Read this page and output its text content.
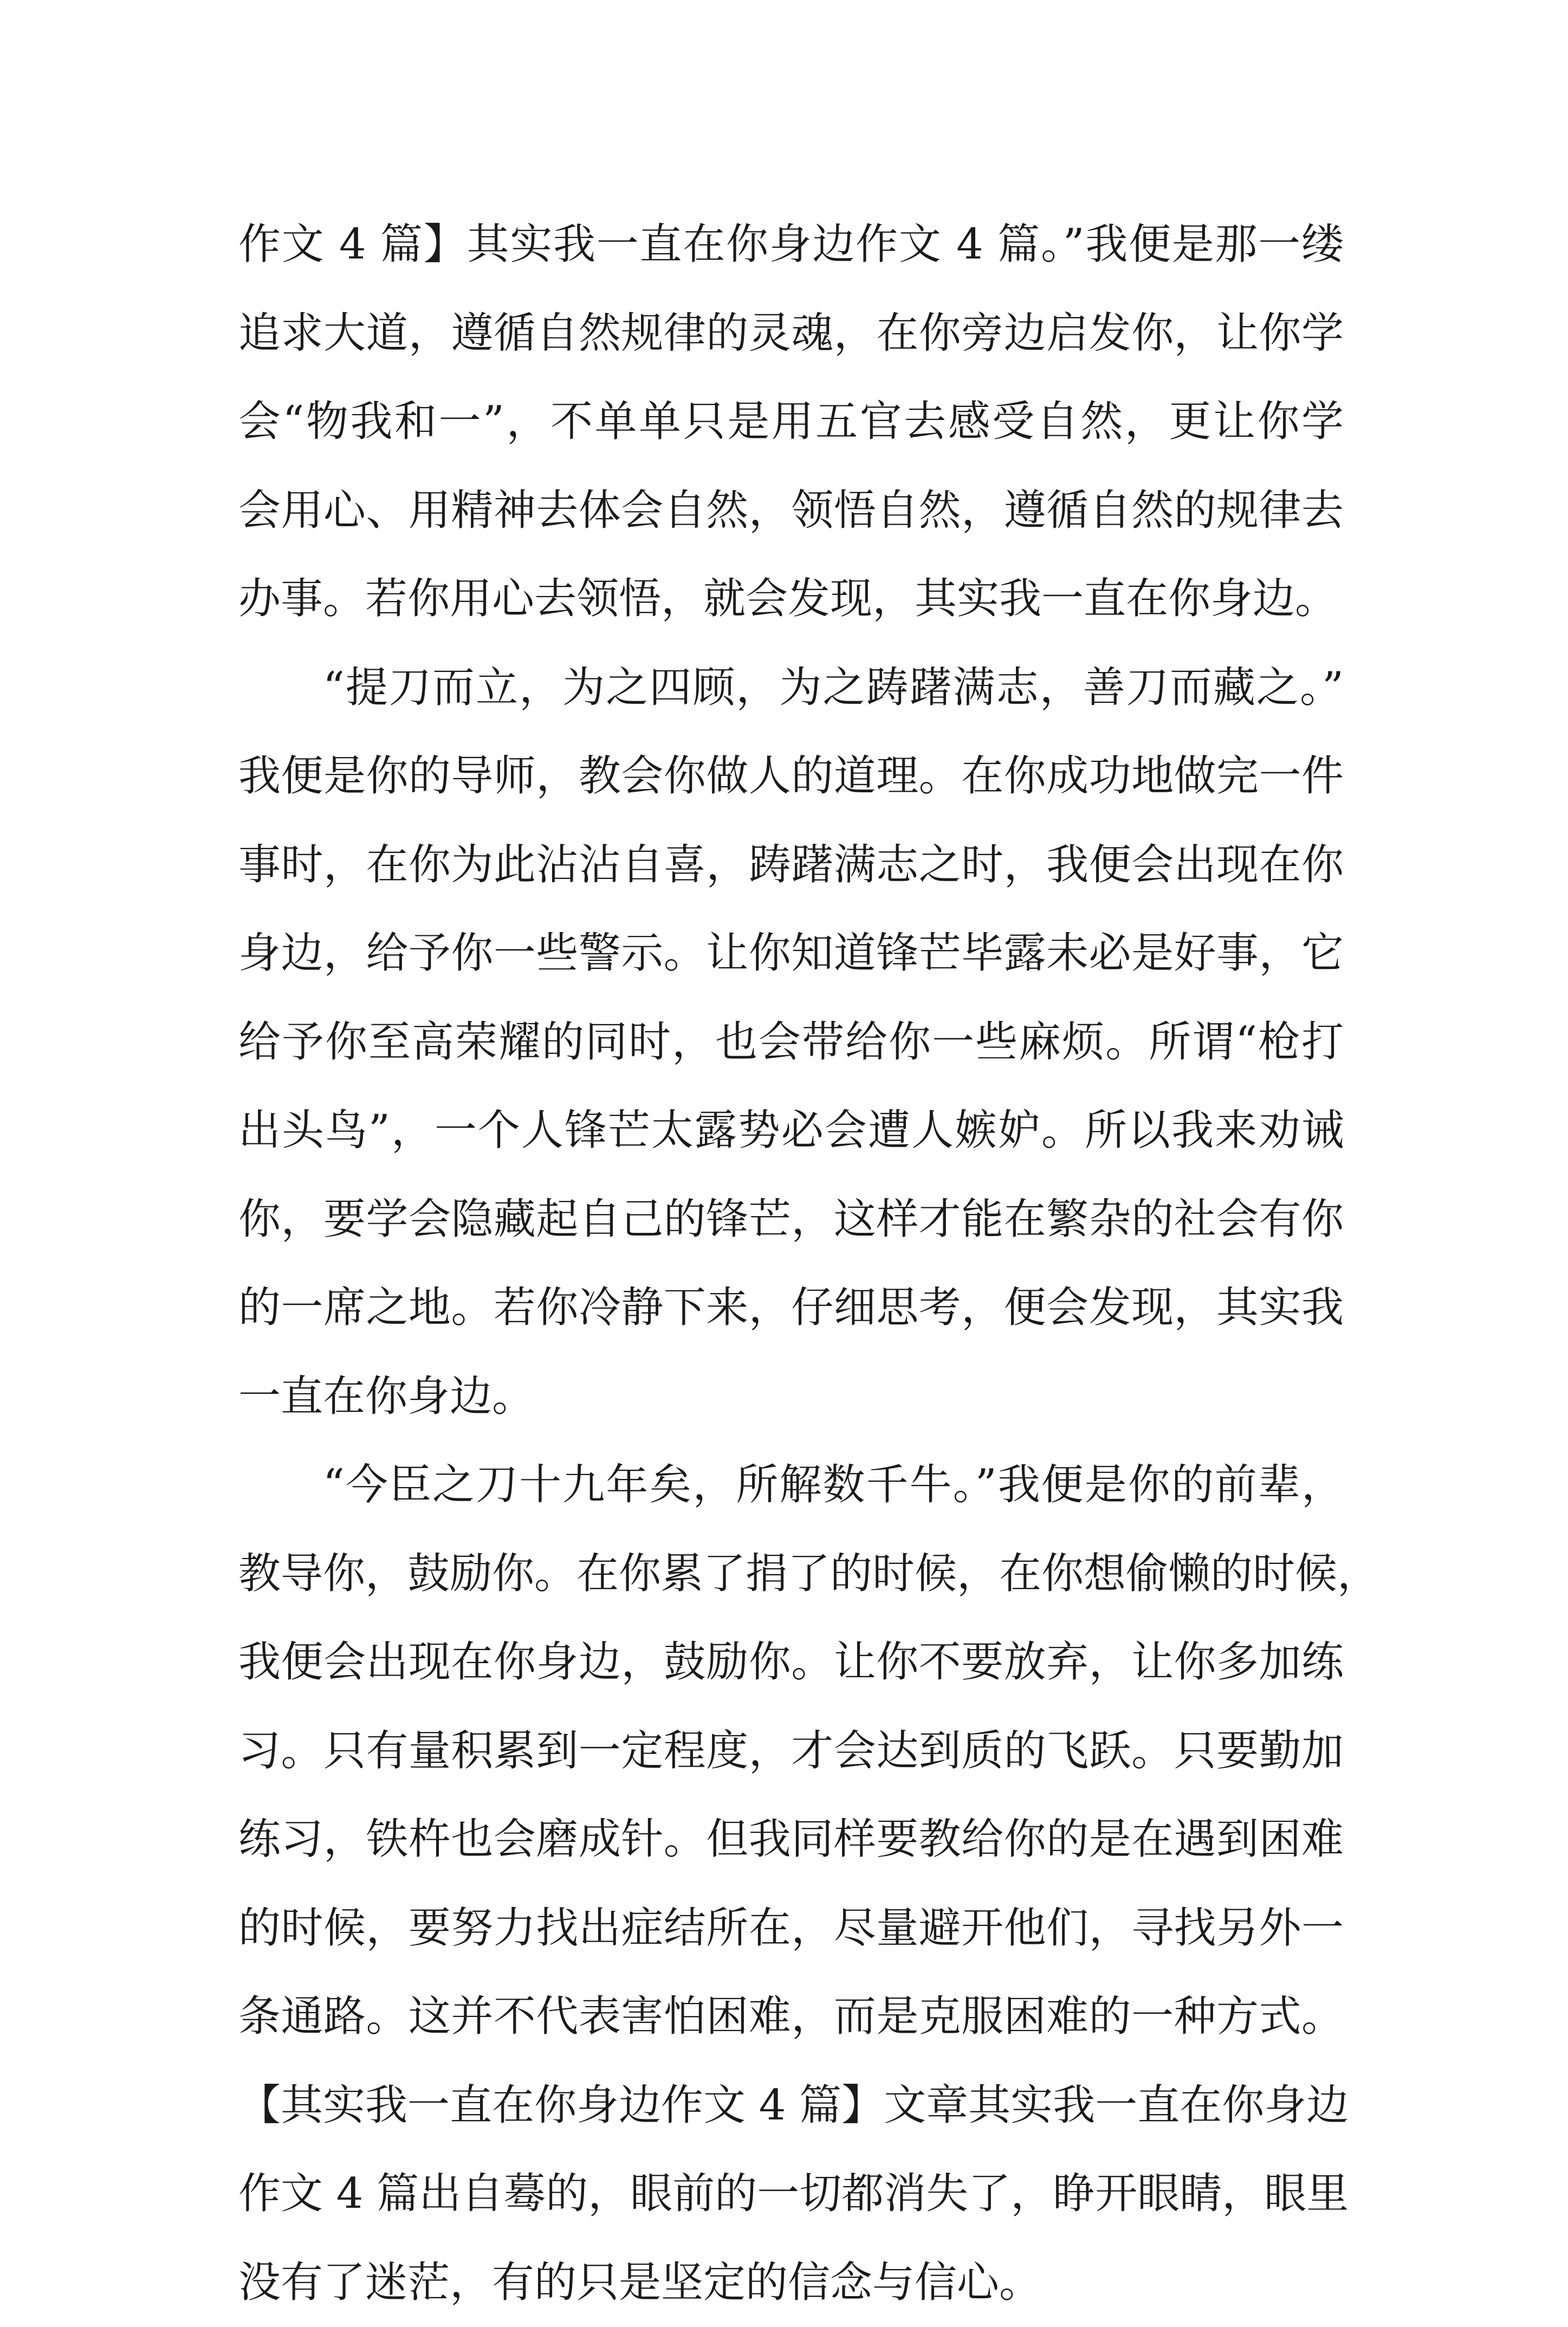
作文 4 篇】其实我一直在你身边作文 4 篇。”我便是那一缕
追求大道，遵循自然规律的灵魂，在你旁边启发你，让你学
会“物我和一”，不单单只是用五官去感受自然，更让你学
会用心、用精神去体会自然，领悟自然，遵循自然的规律去
办事。若你用心去领悟，就会发现，其实我一直在你身边。
“提刀而立，为之四顾，为之踌躇满志，善刀而藏之。”
我便是你的导师，教会你做人的道理。在你成功地做完一件
事时，在你为此沾沾自喜，踌躇满志之时，我便会出现在你
身边，给予你一些警示。让你知道锋芒毕露未必是好事，它
给予你至高荣耀的同时，也会带给你一些麻烦。所谓“枪打
出头鸟”，一个人锋芒太露势必会遭人嫉妒。所以我来劝诫
你，要学会隐藏起自己的锋芒，这样才能在繁杂的社会有你
的一席之地。若你冷静下来，仔细思考，便会发现，其实我
一直在你身边。
“今臣之刀十九年矣，所解数千牛。”我便是你的前辈，
教导你，鼓励你。在你累了捐了的时候，在你想偷懒的时候，
我便会出现在你身边，鼓励你。让你不要放弃，让你多加练
习。只有量积累到一定程度，才会达到质的飞跃。只要勤加
练习，铁杵也会磨成针。但我同样要教给你的是在遇到困难
的时候，要努力找出症结所在，尽量避开他们，寻找另外一
条通路。这并不代表害怕困难，而是克服困难的一种方式。
【其实我一直在你身边作文 4 篇】文章其实我一直在你身边
作文 4 篇出自蓦的，眼前的一切都消失了，睁开眼睛，眼里
没有了迷茫，有的只是坚定的信念与信心。
